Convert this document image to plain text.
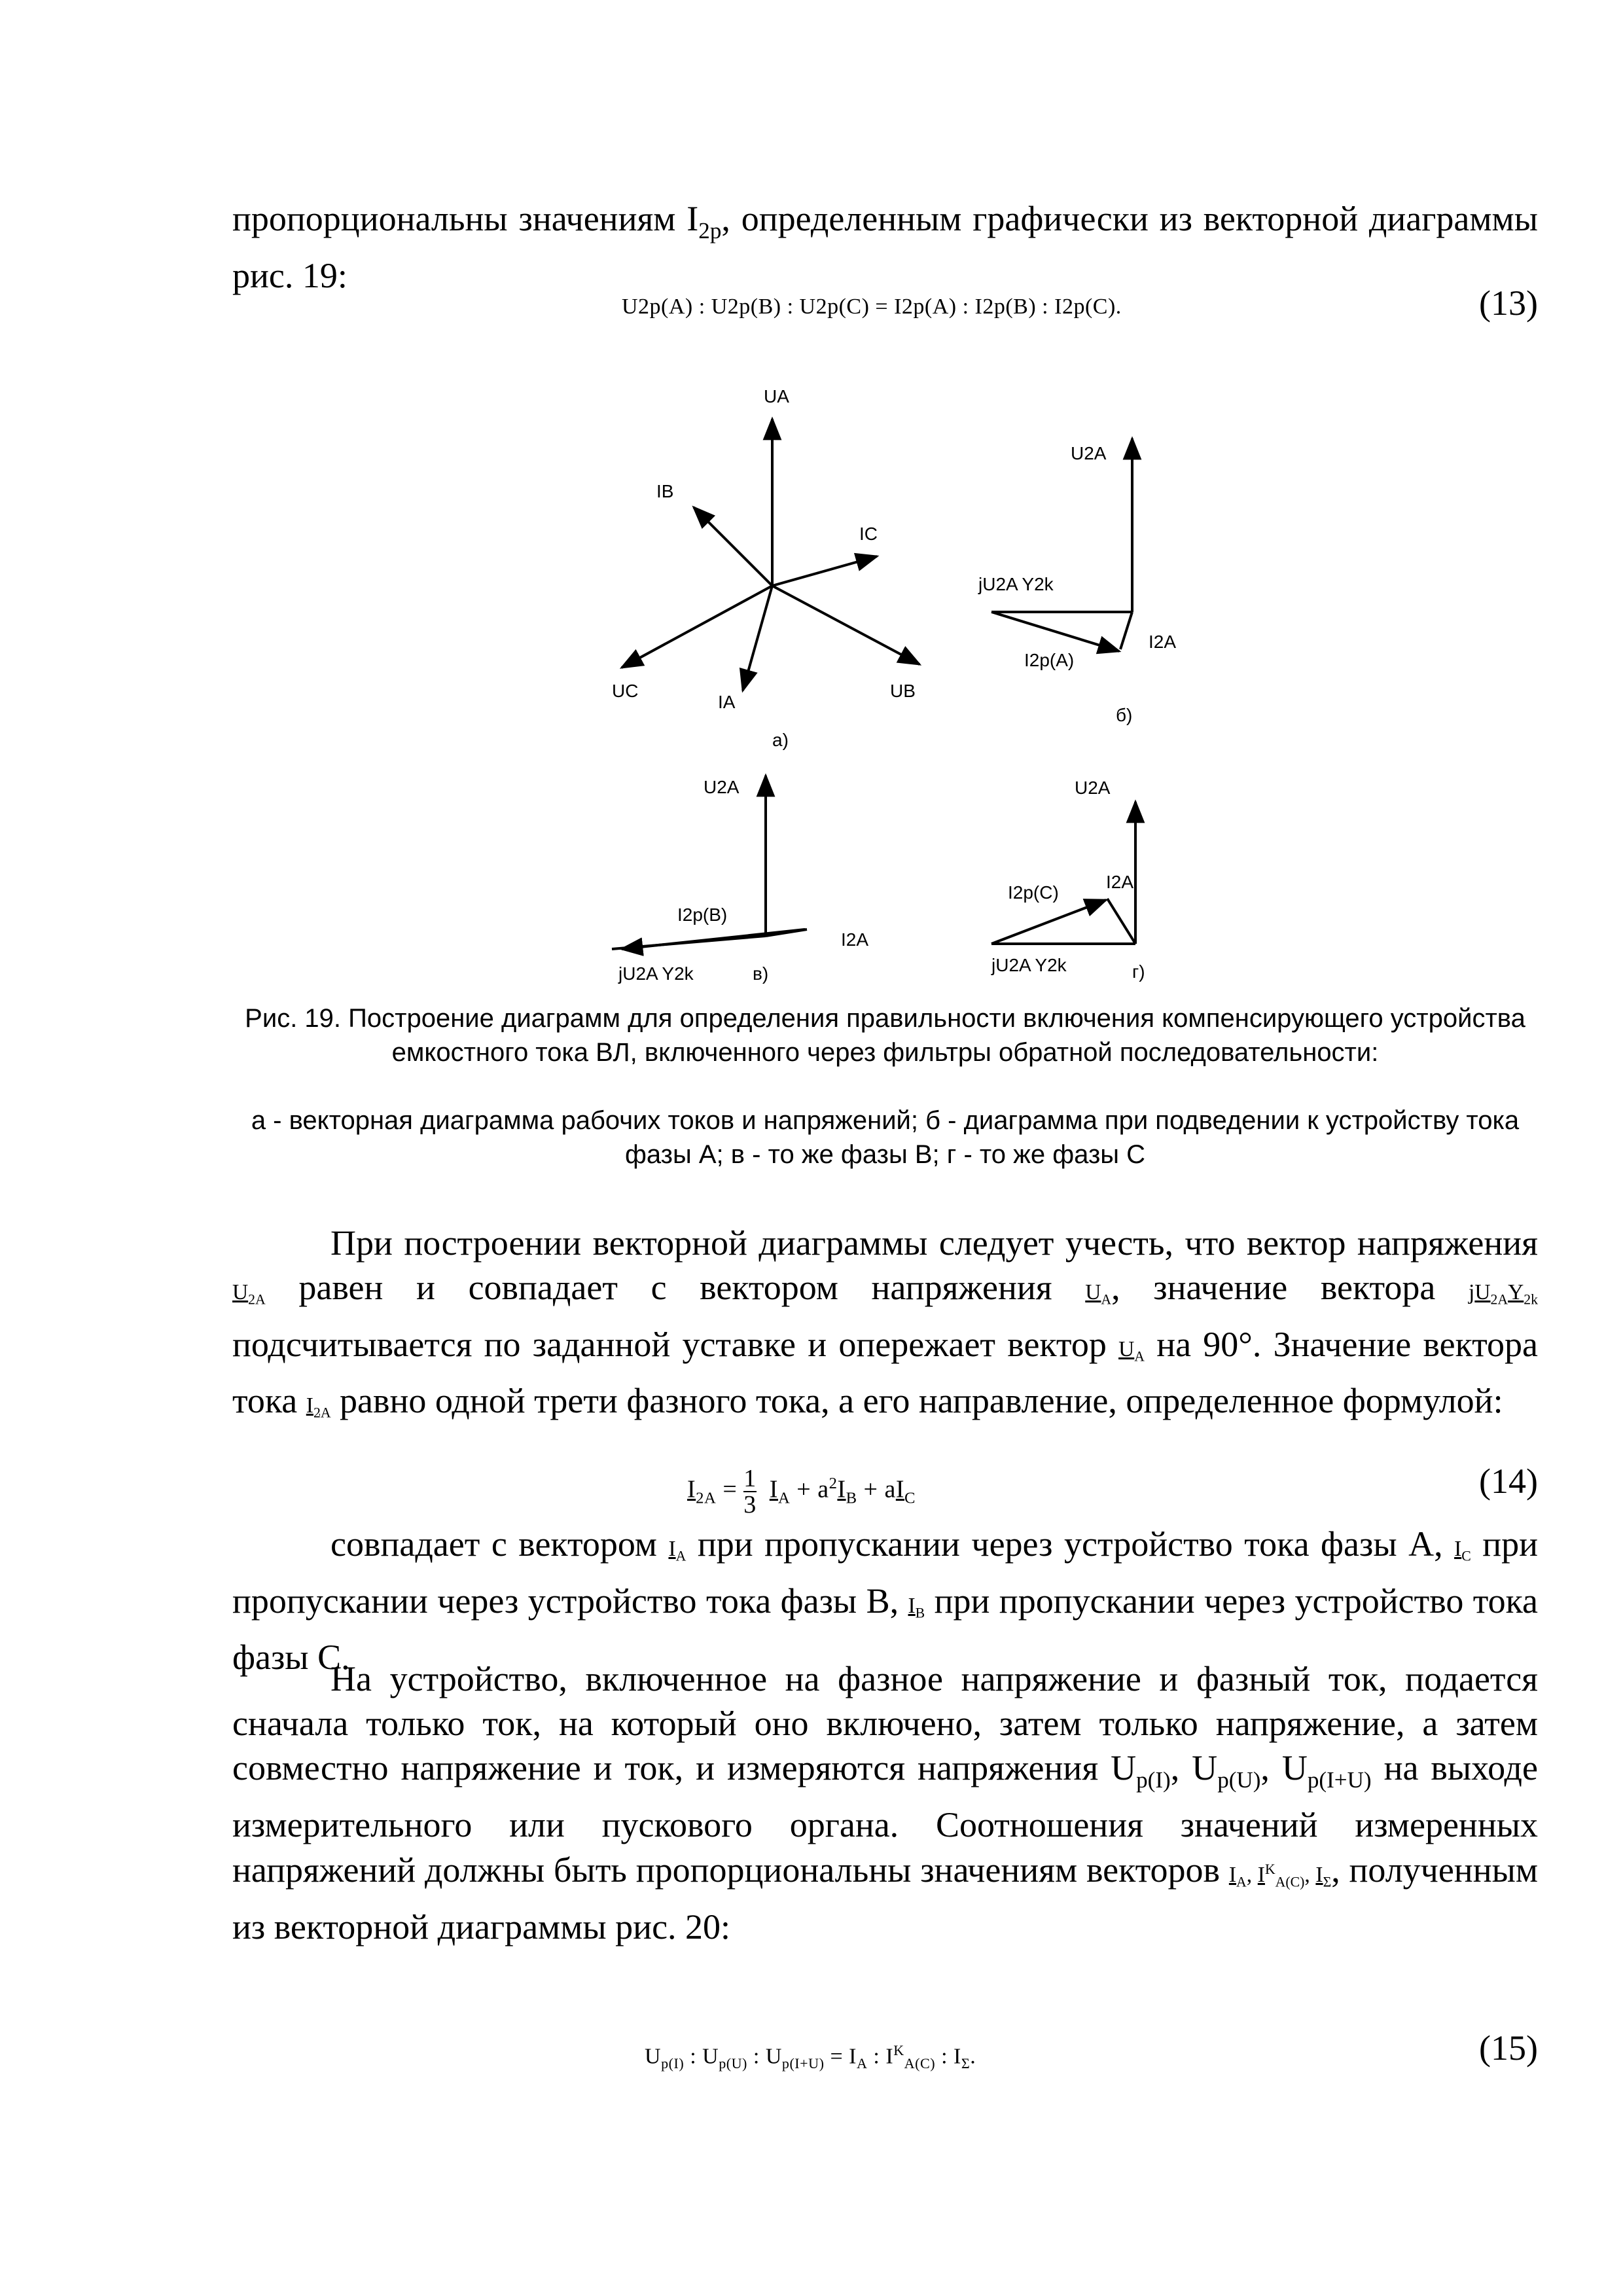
пропорциональны значениям $I_{2р}$, определенным графически из векторной диаграммы рис. 19:
U2p(A) : U2p(B) : U2p(C) = I2p(A) : I2p(B) : I2p(C).	(13)
UA
IB
IC
UC
IA
UB
а)
U2A
jU2A Y2k
I2A
I2p(A)
б)
U2A
I2p(B)
I2A
jU2A Y2k	в)
U2A
I2p(C)
I2A
jU2A Y2k	г)
Рис. 19. Построение диаграмм для определения правильности включения компенсирующего устройства емкостного тока ВЛ, включенного через фильтры обратной последовательности:
а - векторная диаграмма рабочих токов и напряжений; б - диаграмма при подведении к устройству тока фазы А; в - то же фазы В; г - то же фазы С
При построении векторной диаграммы следует учесть, что вектор напряжения $U_{2A}$ равен и совпадает с вектором напряжения $U_A$, значение вектора $jU_{2A}Y_{2k}$ подсчитывается по заданной уставке и опережает вектор $U_A$ на 90°. Значение вектора тока $I_{2A}$ равно одной трети фазного тока, а его направление, определенное формулой:
$I_{2A} = \frac{1}{3} I_A + a^2I_B + aI_C$	(14)
совпадает с вектором $I_A$ при пропускании через устройство тока фазы А, $I_C$ при пропускании через устройство тока фазы В, $I_B$ при пропускании через устройство тока фазы С.
На устройство, включенное на фазное напряжение и фазный ток, подается сначала только ток, на который оно включено, затем только напряжение, а затем совместно напряжение и ток, и измеряются напряжения $U_{p(I)}$, $U_{p(U)}$, $U_{p(I+U)}$ на выходе измерительного или пускового органа. Соотношения значений измеренных напряжений должны быть пропорциональны значениям векторов $I_A$, $I^K_{A(C)}$, $I_\Sigma$, полученным из векторной диаграммы рис. 20:
$U_{p(I)}$ : $U_{p(U)}$ : $U_{p(I+U)} = I_A$ : $I^K_{A(C)}$ : $I_\Sigma$.	(15)
